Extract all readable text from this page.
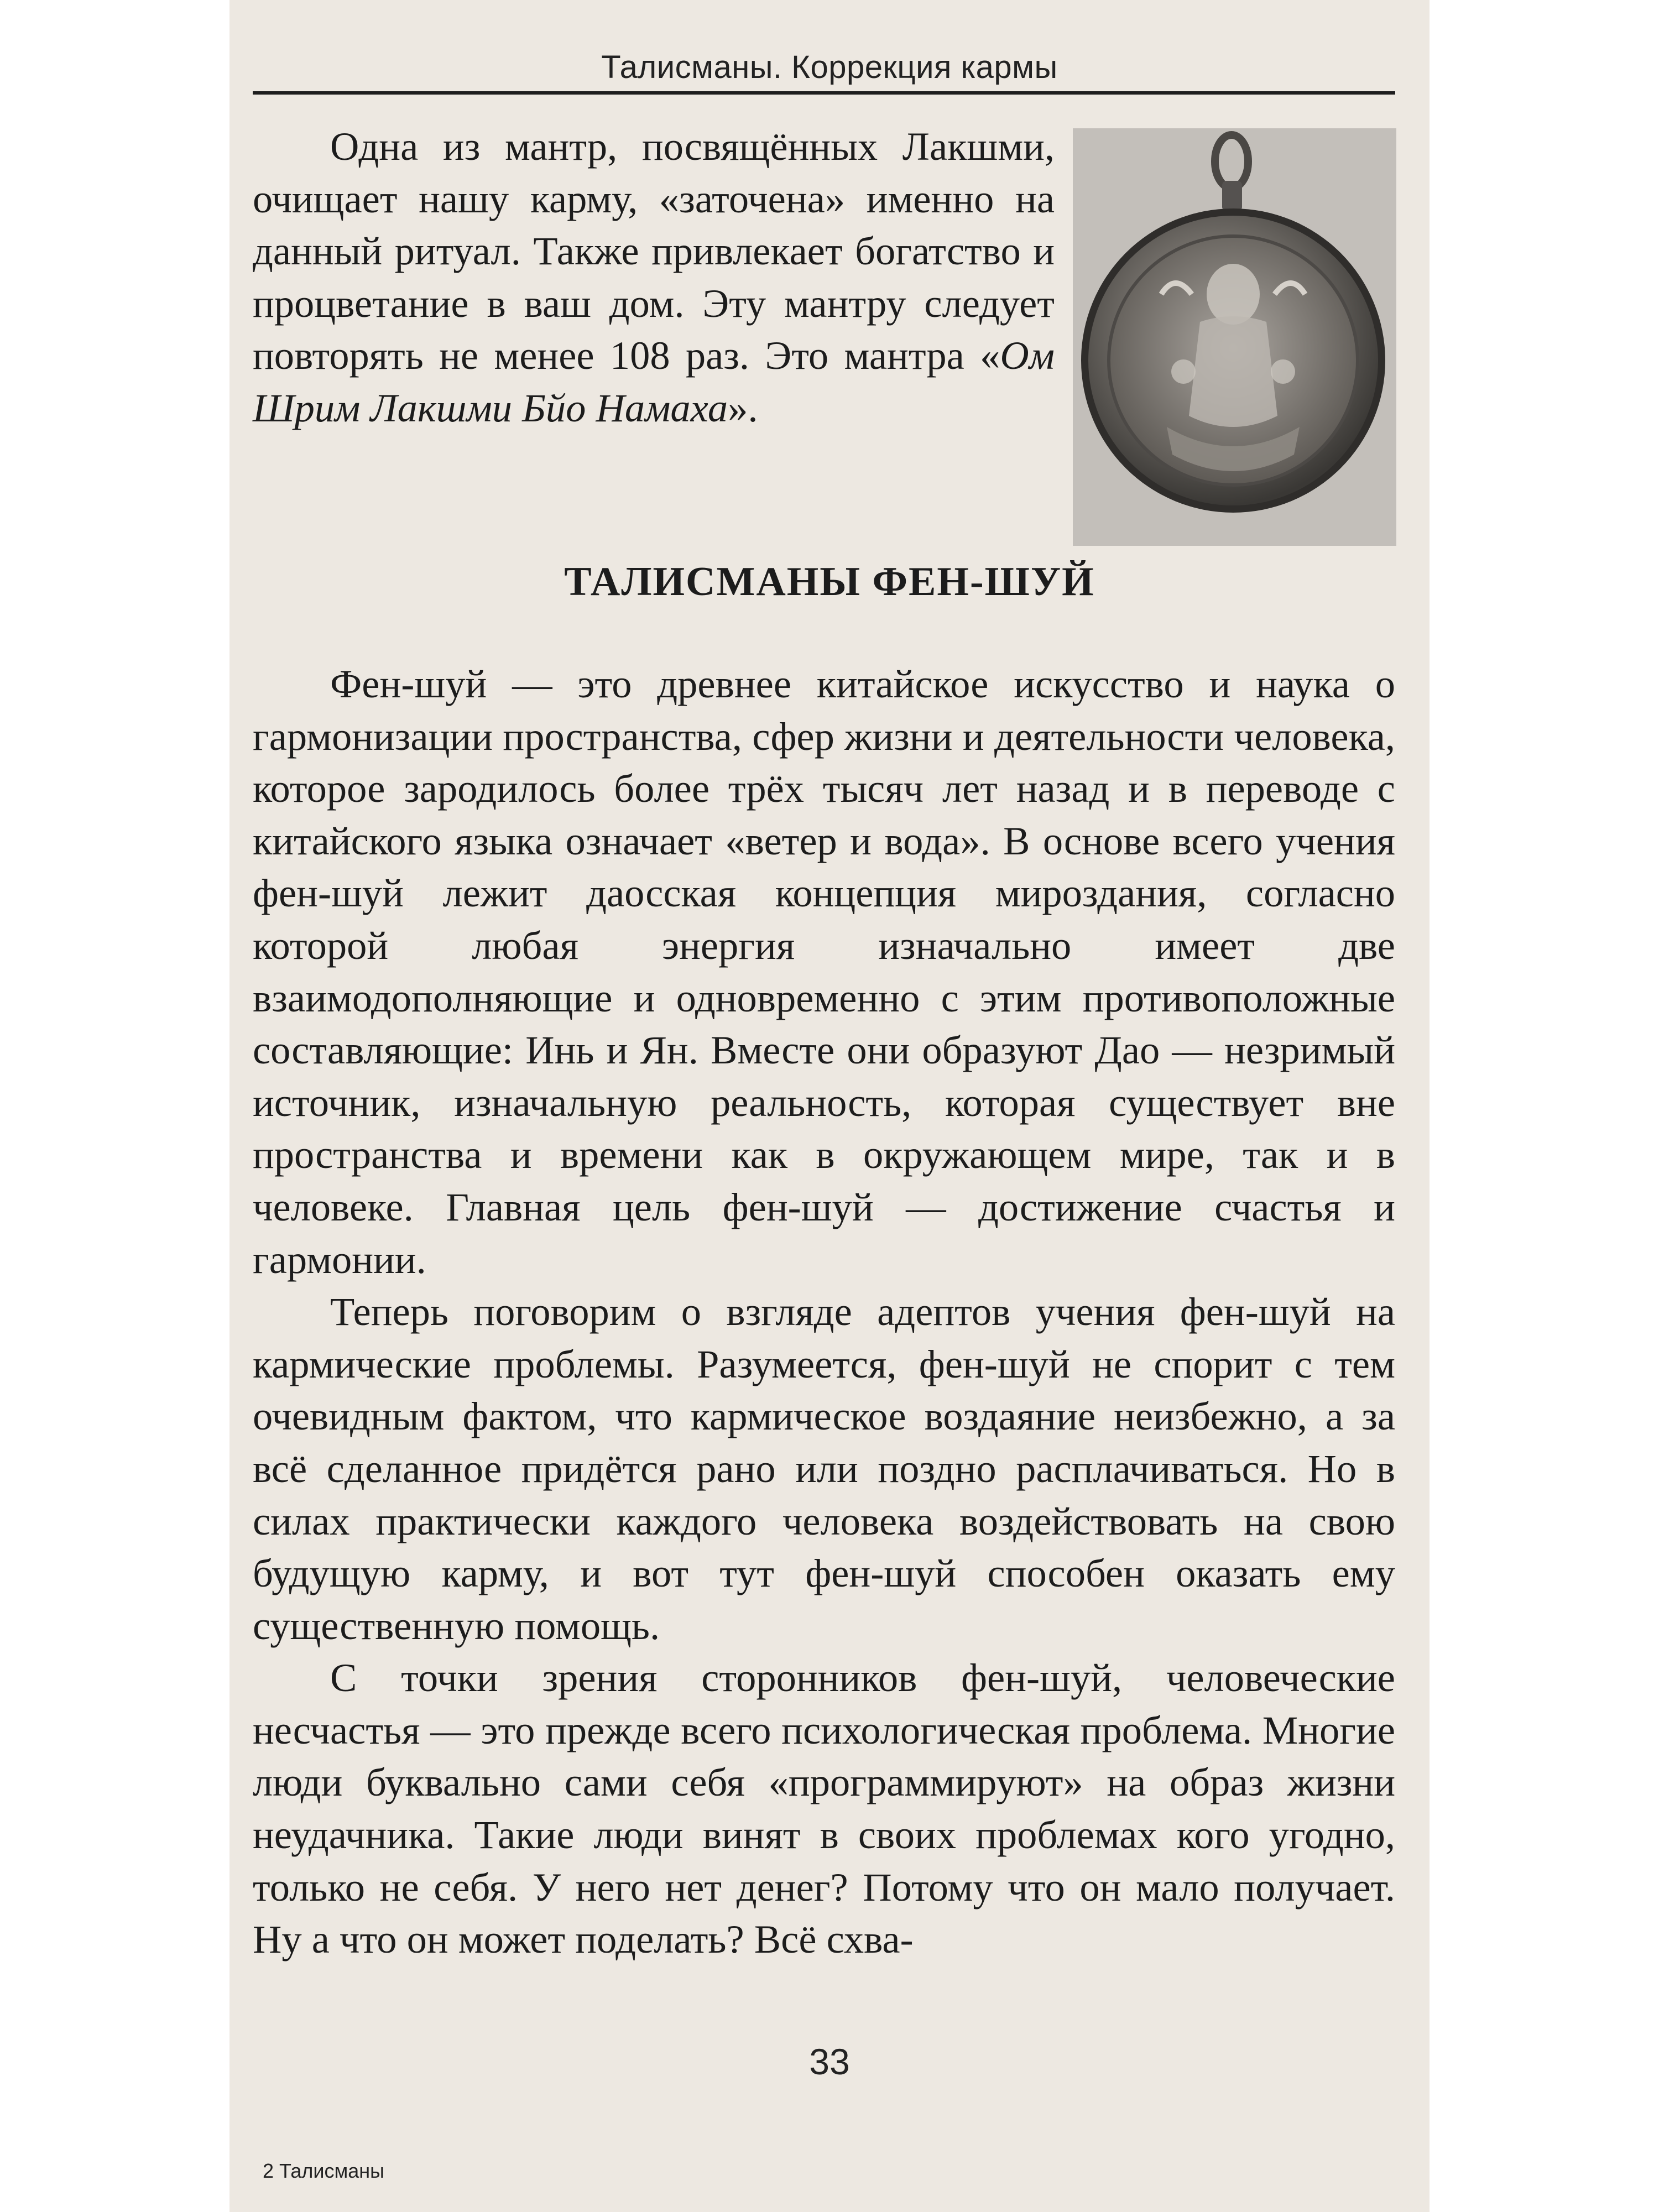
Талисманы. Коррекция кармы

Одна из мантр, посвящённых Лакшми, очищает нашу карму, «заточена» именно на данный ритуал. Также привлекает богатство и процветание в ваш дом. Эту мантру следует повторять не менее 108 раз. Это мантра «Ом Шрим Лакшми Бйо Намаха».

ТАЛИСМАНЫ ФЕН-ШУЙ

Фен-шуй — это древнее китайское искусство и наука о гармонизации пространства, сфер жизни и деятельности человека, которое зародилось более трёх тысяч лет назад и в переводе с китайского языка означает «ветер и вода». В основе всего учения фен-шуй лежит даосская концепция мироздания, согласно которой любая энергия изначально имеет две взаимодополняющие и одновременно с этим противоположные составляющие: Инь и Ян. Вместе они образуют Дао — незримый источник, изначальную реальность, которая существует вне пространства и времени как в окружающем мире, так и в человеке. Главная цель фен-шуй — достижение счастья и гармонии.

Теперь поговорим о взгляде адептов учения фен-шуй на кармические проблемы. Разумеется, фен-шуй не спорит с тем очевидным фактом, что кармическое воздаяние неизбежно, а за всё сделанное придётся рано или поздно расплачиваться. Но в силах практически каждого человека воздействовать на свою будущую карму, и вот тут фен-шуй способен оказать ему существенную помощь.

С точки зрения сторонников фен-шуй, человеческие несчастья — это прежде всего психологическая проблема. Многие люди буквально сами себя «программируют» на образ жизни неудачника. Такие люди винят в своих проблемах кого угодно, только не себя. У него нет денег? Потому что он мало получает. Ну а что он может поделать? Всё схва-

33
2 Талисманы
